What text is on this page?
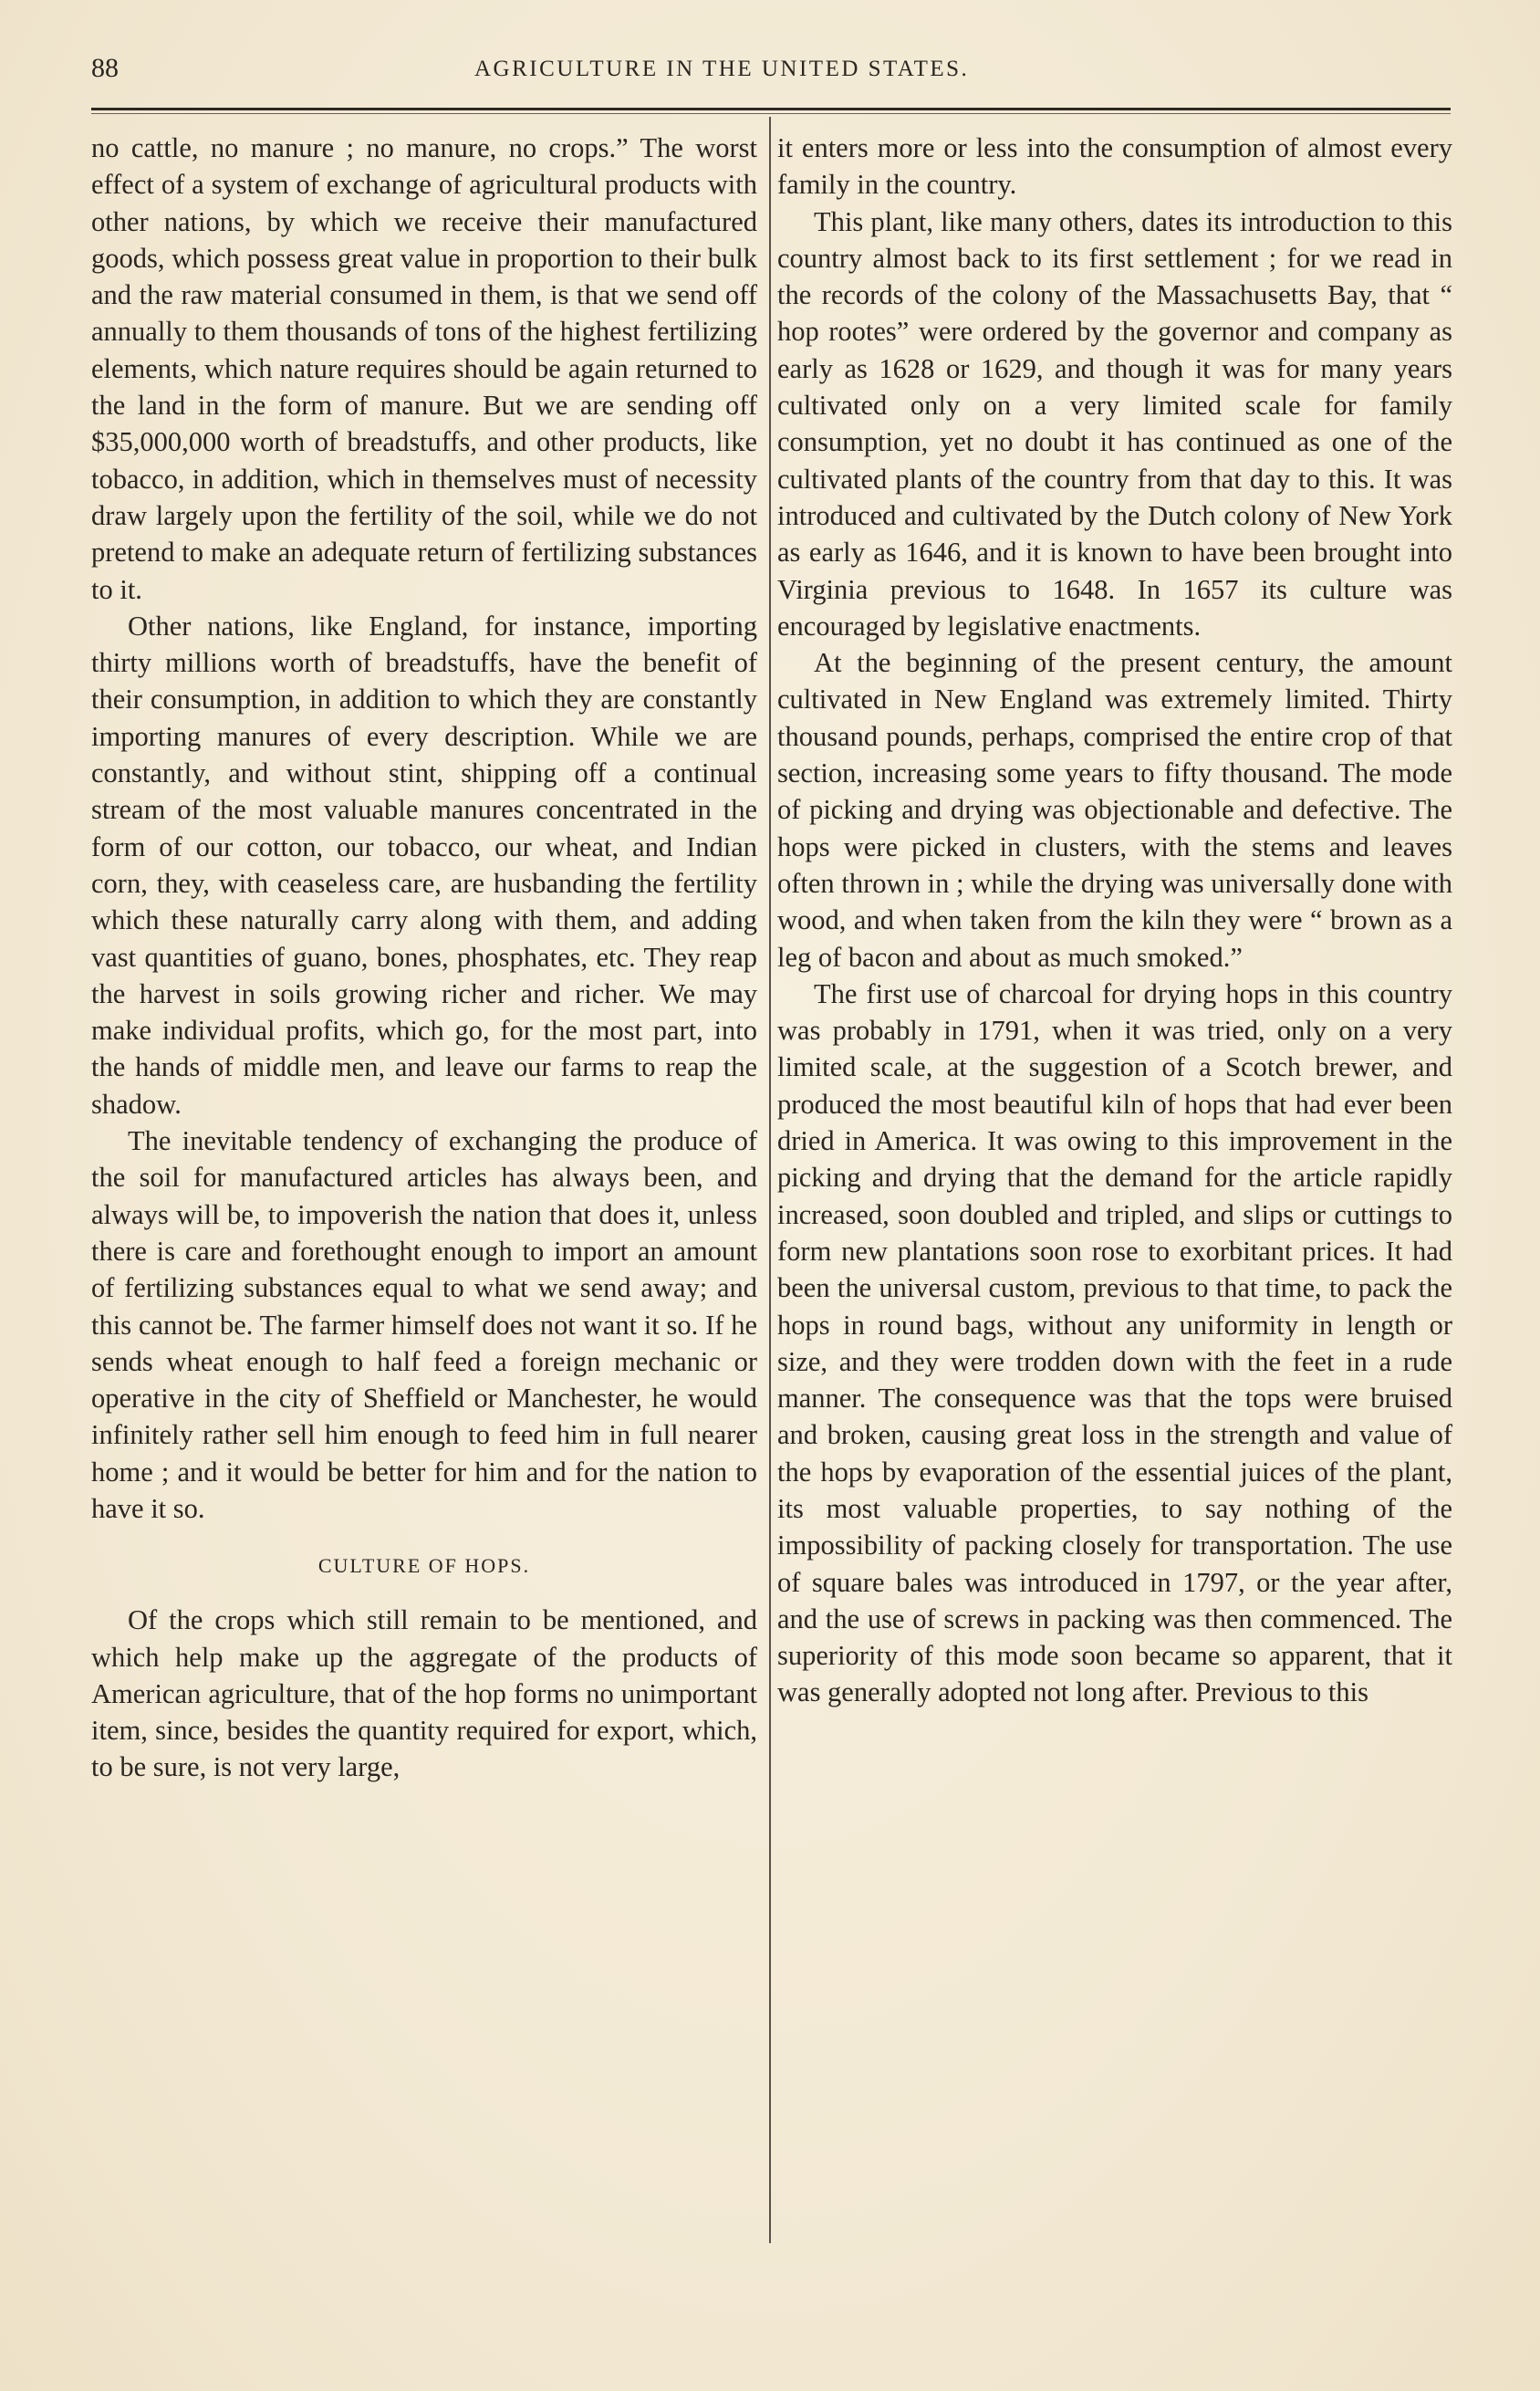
88	AGRICULTURE IN THE UNITED STATES.

no cattle, no manure ; no manure, no crops.” The worst effect of a system of exchange of agricultural products with other nations, by which we receive their manufactured goods, which possess great value in proportion to their bulk and the raw material consumed in them, is that we send off annually to them thousands of tons of the highest fertilizing elements, which nature requires should be again returned to the land in the form of manure. But we are sending off $35,000,000 worth of breadstuffs, and other products, like tobacco, in addition, which in themselves must of necessity draw largely upon the fertility of the soil, while we do not pretend to make an adequate return of fertilizing substances to it.

Other nations, like England, for instance, importing thirty millions worth of breadstuffs, have the benefit of their consumption, in addition to which they are constantly importing manures of every description. While we are constantly, and without stint, shipping off a continual stream of the most valuable manures concentrated in the form of our cotton, our tobacco, our wheat, and Indian corn, they, with ceaseless care, are husbanding the fertility which these naturally carry along with them, and adding vast quantities of guano, bones, phosphates, etc. They reap the harvest in soils growing richer and richer. We may make individual profits, which go, for the most part, into the hands of middle men, and leave our farms to reap the shadow.

The inevitable tendency of exchanging the produce of the soil for manufactured articles has always been, and always will be, to impoverish the nation that does it, unless there is care and forethought enough to import an amount of fertilizing substances equal to what we send away; and this cannot be. The farmer himself does not want it so. If he sends wheat enough to half feed a foreign mechanic or operative in the city of Sheffield or Manchester, he would infinitely rather sell him enough to feed him in full nearer home ; and it would be better for him and for the nation to have it so.

CULTURE OF HOPS.

Of the crops which still remain to be mentioned, and which help make up the aggregate of the products of American agriculture, that of the hop forms no unimportant item, since, besides the quantity required for export, which, to be sure, is not very large,

it enters more or less into the consumption of almost every family in the country.

This plant, like many others, dates its introduction to this country almost back to its first settlement ; for we read in the records of the colony of the Massachusetts Bay, that “ hop rootes” were ordered by the governor and company as early as 1628 or 1629, and though it was for many years cultivated only on a very limited scale for family consumption, yet no doubt it has continued as one of the cultivated plants of the country from that day to this. It was introduced and cultivated by the Dutch colony of New York as early as 1646, and it is known to have been brought into Virginia previous to 1648. In 1657 its culture was encouraged by legislative enactments.

At the beginning of the present century, the amount cultivated in New England was extremely limited. Thirty thousand pounds, perhaps, comprised the entire crop of that section, increasing some years to fifty thousand. The mode of picking and drying was objectionable and defective. The hops were picked in clusters, with the stems and leaves often thrown in ; while the drying was universally done with wood, and when taken from the kiln they were “ brown as a leg of bacon and about as much smoked.”

The first use of charcoal for drying hops in this country was probably in 1791, when it was tried, only on a very limited scale, at the suggestion of a Scotch brewer, and produced the most beautiful kiln of hops that had ever been dried in America. It was owing to this improvement in the picking and drying that the demand for the article rapidly increased, soon doubled and tripled, and slips or cuttings to form new plantations soon rose to exorbitant prices. It had been the universal custom, previous to that time, to pack the hops in round bags, without any uniformity in length or size, and they were trodden down with the feet in a rude manner. The consequence was that the tops were bruised and broken, causing great loss in the strength and value of the hops by evaporation of the essential juices of the plant, its most valuable properties, to say nothing of the impossibility of packing closely for transportation. The use of square bales was introduced in 1797, or the year after, and the use of screws in packing was then commenced. The superiority of this mode soon became so apparent, that it was generally adopted not long after. Previous to this
